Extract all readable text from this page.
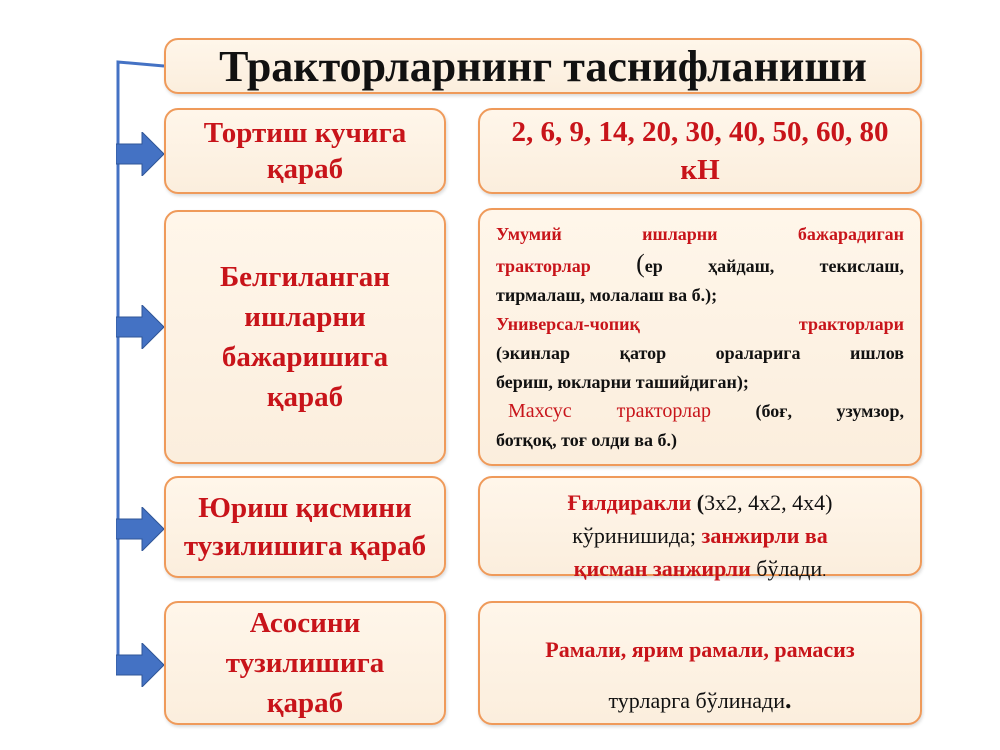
Тракторларнинг таснифланиши
Тортиш кучига қараб
Белгиланган ишларни бажаришига қараб
Юриш қисмини тузилишига қараб
Асосини тузилишига қараб
2, 6, 9, 14, 20, 30, 40, 50, 60, 80 кН
Умумий ишларни бажарадиган
тракторлар (ер ҳайдаш, текислаш,
тирмалаш, молалаш ва б.);
Универсал-чопиқ тракторлари
(экинлар қатор ораларига ишлов
бериш, юкларни ташийдиган);
Махсус тракторлар (боғ, узумзор,
ботқоқ, тоғ олди ва б.)
Ғилдиракли (3х2, 4х2, 4х4)
кўринишида; занжирли ва
қисман занжирли бўлади.
Рамали, ярим рамали, рамасиз
турларга бўлинади.
